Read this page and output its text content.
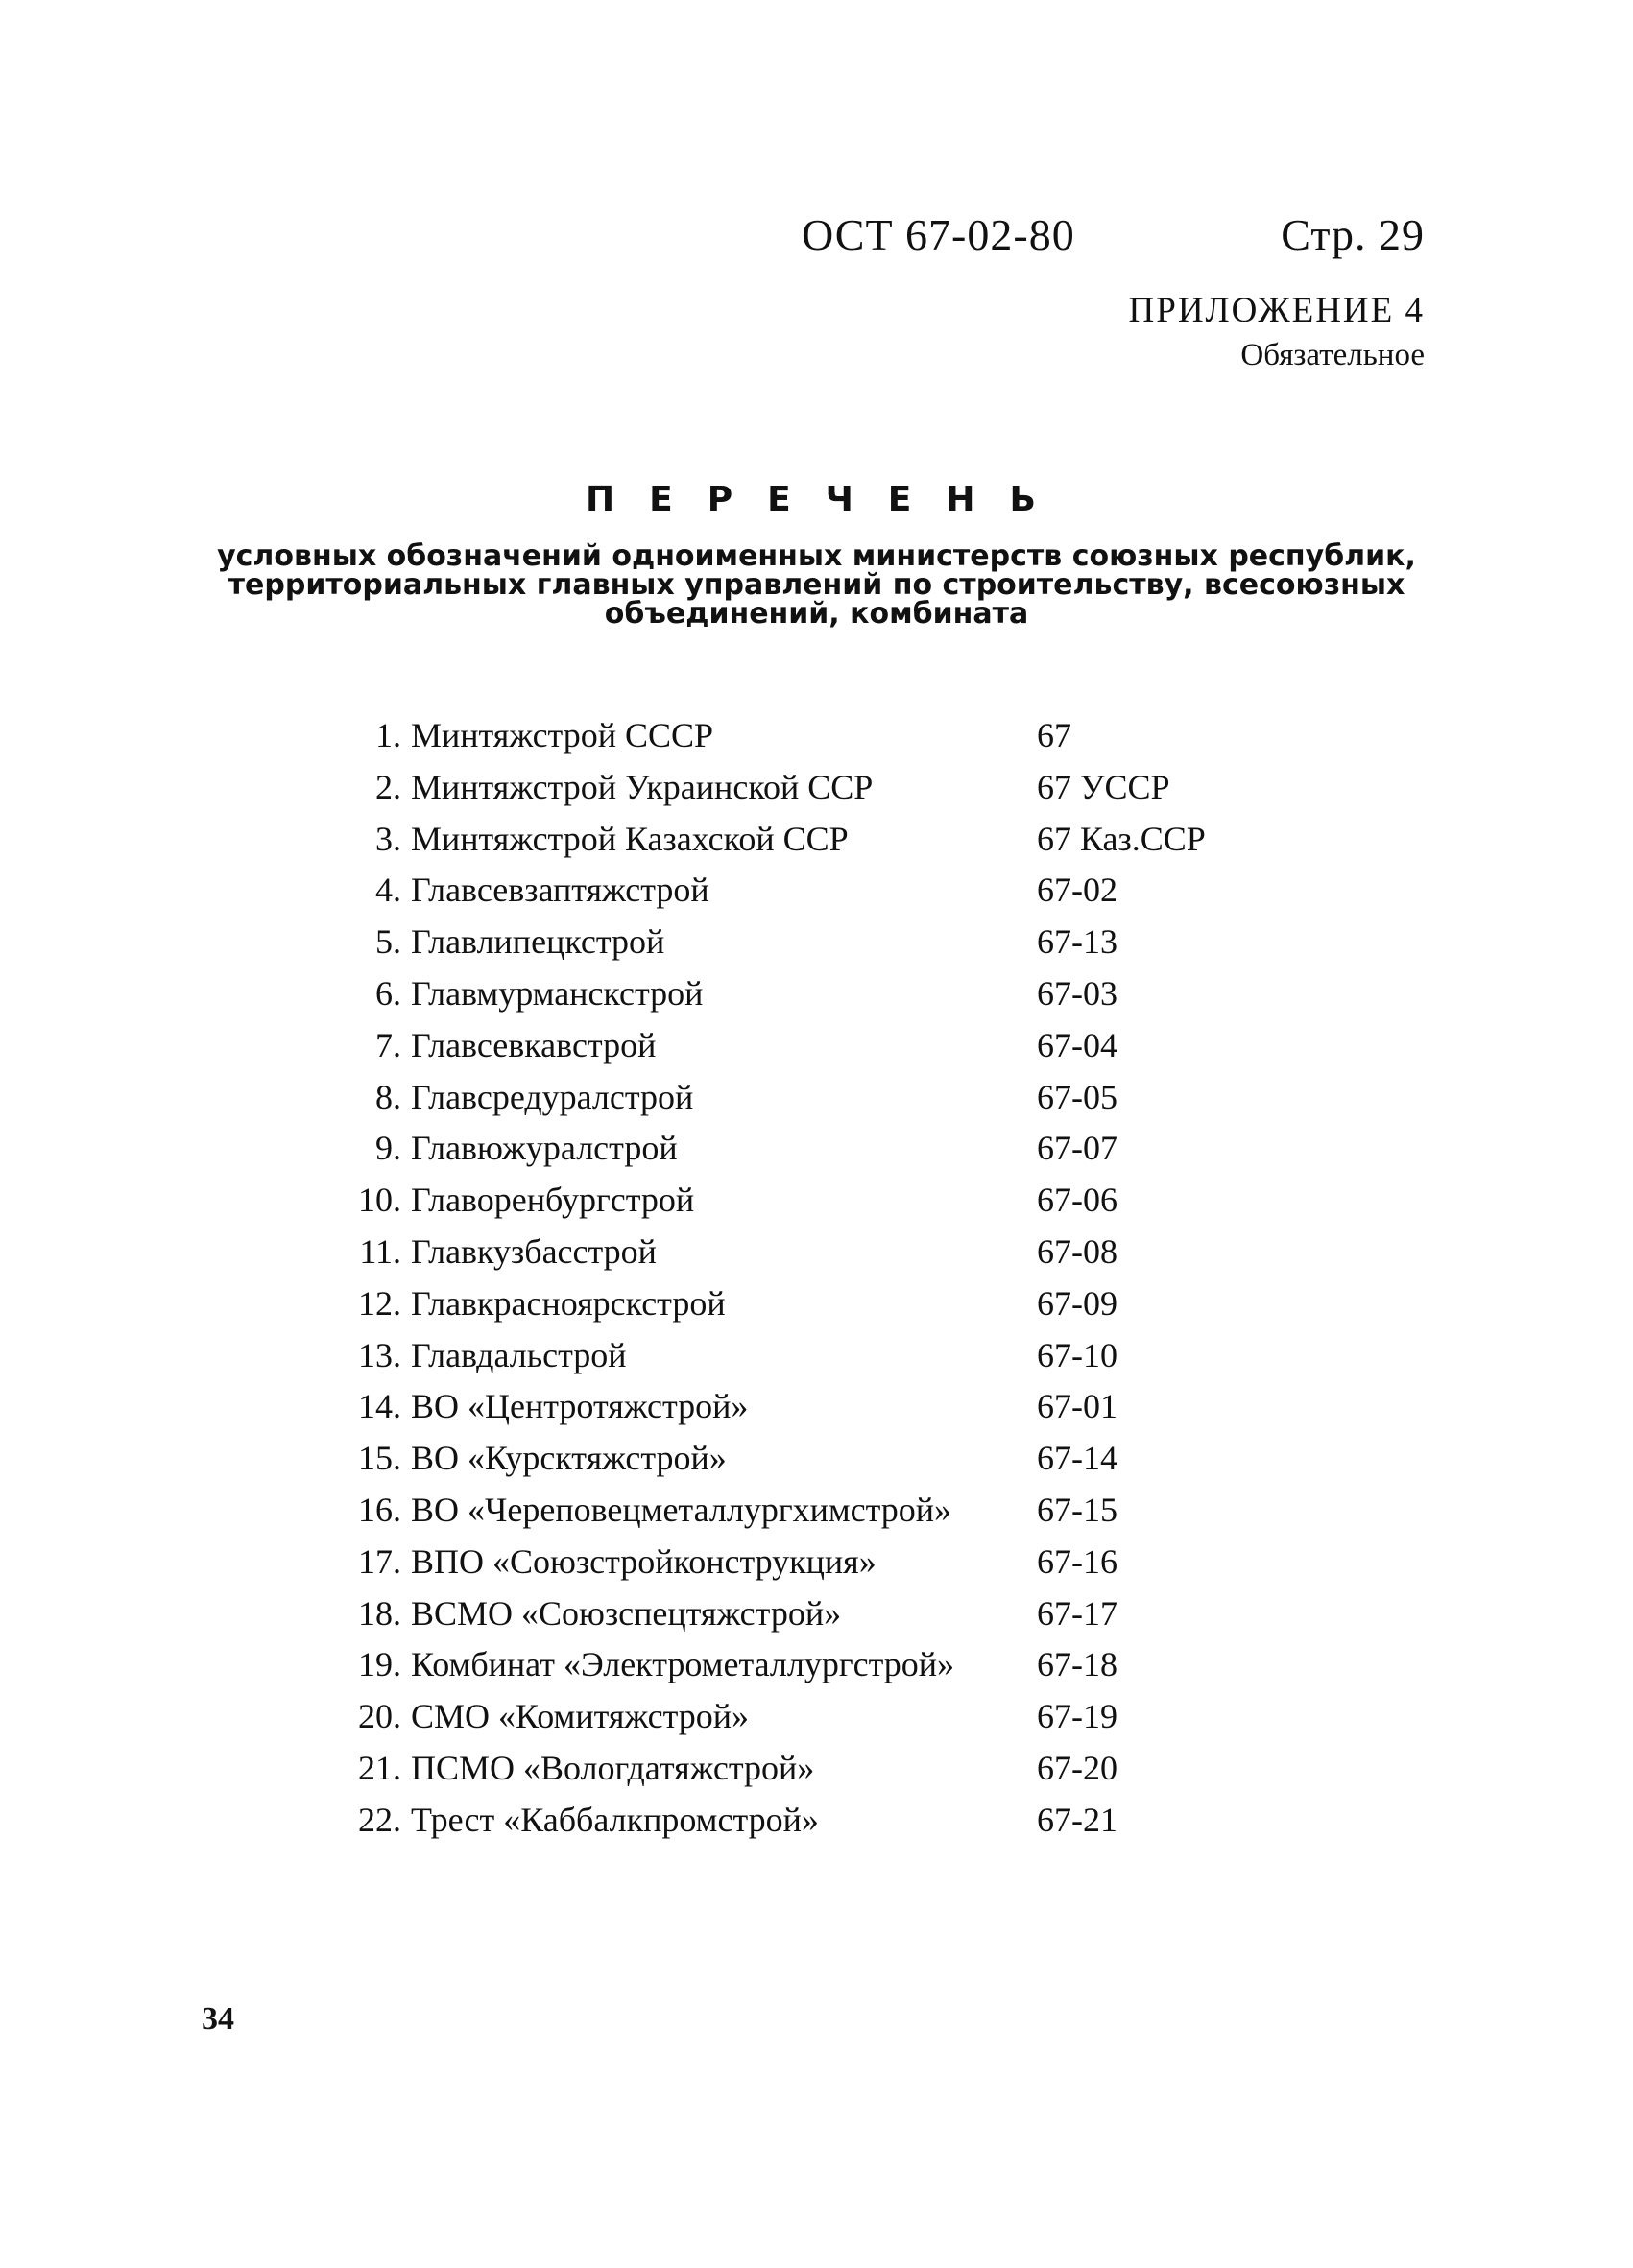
ОСТ 67-02-80	Стр. 29
ПРИЛОЖЕНИЕ 4
Обязательное
ПЕРЕЧЕНЬ
условных обозначений одноименных министерств союзных республик,
территориальных главных управлений по строительству, всесоюзных
объединений, комбината
1. Минтяжстрой СССР	67
2. Минтяжстрой Украинской ССР	67 УССР
3. Минтяжстрой Казахской ССР	67 Каз.ССР
4. Главсевзаптяжстрой	67-02
5. Главлипецкстрой	67-13
6. Главмурманскстрой	67-03
7. Главсевкавстрой	67-04
8. Главсредуралстрой	67-05
9. Главюжуралстрой	67-07
10. Главоренбургстрой	67-06
11. Главкузбасстрой	67-08
12. Главкрасноярскстрой	67-09
13. Главдальстрой	67-10
14. ВО «Центротяжстрой»	67-01
15. ВО «Курсктяжстрой»	67-14
16. ВО «Череповецметаллургхимстрой» 67-15
17. ВПО «Союзстройконструкция»	67-16
18. ВСМО «Союзспецтяжстрой»	67-17
19. Комбинат «Электрометаллургстрой» 67-18
20. СМО «Комитяжстрой»	67-19
21. ПСМО «Вологдатяжстрой»	67-20
22. Трест «Каббалкпромстрой»	67-21
34
